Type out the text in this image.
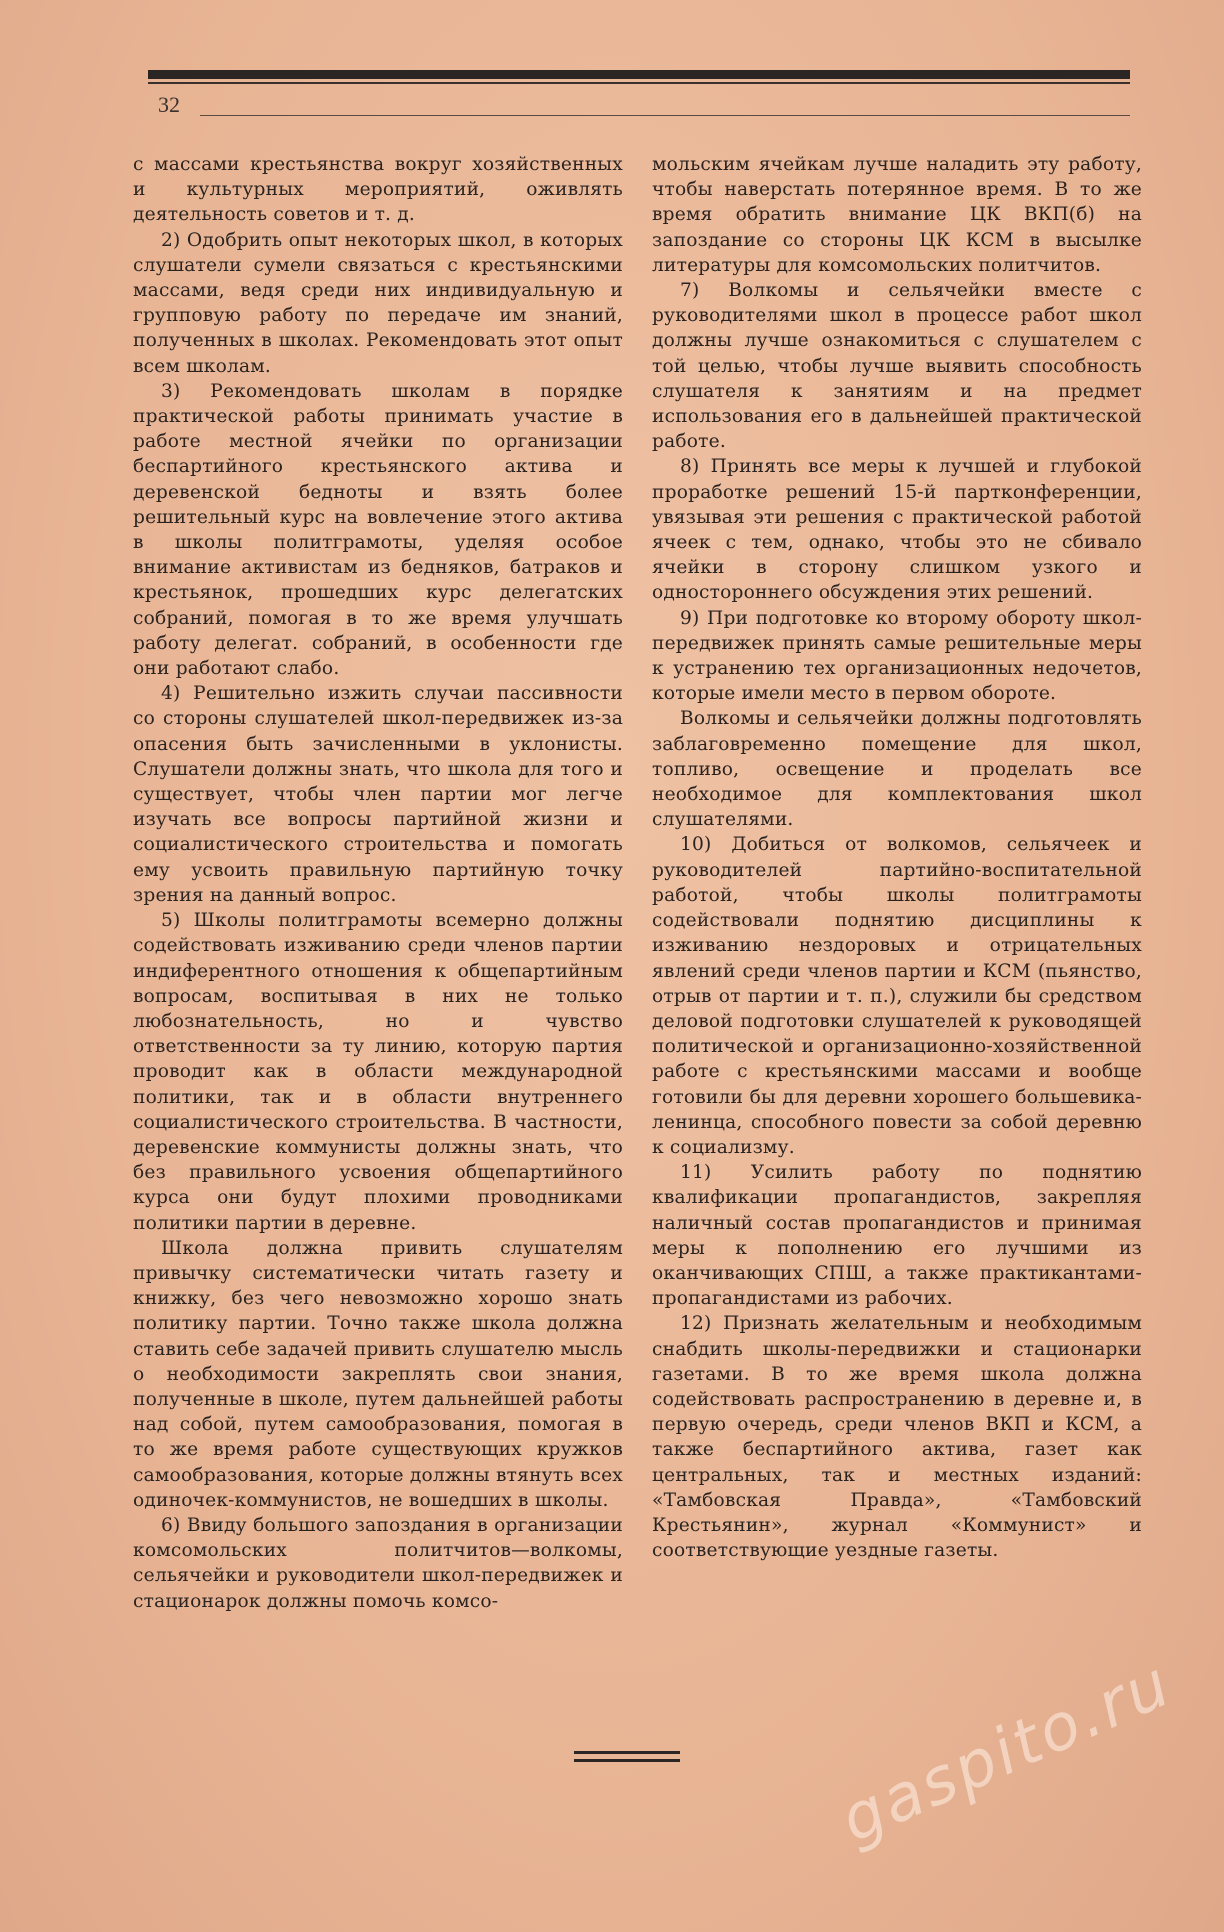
32

с массами крестьянства вокруг хозяйственных и культурных мероприятий, оживлять деятельность советов и т. д.

2) Одобрить опыт некоторых школ, в которых слушатели сумели связаться с крестьянскими массами, ведя среди них индивидуальную и групповую работу по передаче им знаний, полученных в школах. Рекомендовать этот опыт всем школам.

3) Рекомендовать школам в порядке практической работы принимать участие в работе местной ячейки по организации беспартийного крестьянского актива и деревенской бедноты и взять более решительный курс на вовлечение этого актива в школы политграмоты, уделяя особое внимание активистам из бедняков, батраков и крестьянок, прошедших курс делегатских собраний, помогая в то же время улучшать работу делегат. собраний, в особенности где они работают слабо.

4) Решительно изжить случаи пассивности со стороны слушателей школ-передвижек из-за опасения быть зачисленными в уклонисты. Слушатели должны знать, что школа для того и существует, чтобы член партии мог легче изучать все вопросы партийной жизни и социалистического строительства и помогать ему усвоить правильную партийную точку зрения на данный вопрос.

5) Школы политграмоты всемерно должны содействовать изживанию среди членов партии индиферентного отношения к общепартийным вопросам, воспитывая в них не только любознательность, но и чувство ответственности за ту линию, которую партия проводит как в области международной политики, так и в области внутреннего социалистического строительства. В частности, деревенские коммунисты должны знать, что без правильного усвоения общепартийного курса они будут плохими проводниками политики партии в деревне.

Школа должна привить слушателям привычку систематически читать газету и книжку, без чего невозможно хорошо знать политику партии. Точно также школа должна ставить себе задачей привить слушателю мысль о необходимости закреплять свои знания, полученные в школе, путем дальнейшей работы над собой, путем самообразования, помогая в то же время работе существующих кружков самообразования, которые должны втянуть всех одиночек-коммунистов, не вошедших в школы.

6) Ввиду большого запоздания в организации комсомольских политчитов—волкомы, сельячейки и руководители школ-передвижек и стационарок должны помочь комсо-

мольским ячейкам лучше наладить эту работу, чтобы наверстать потерянное время. В то же время обратить внимание ЦК ВКП(б) на запоздание со стороны ЦК КСМ в высылке литературы для комсомольских политчитов.

7) Волкомы и сельячейки вместе с руководителями школ в процессе работ школ должны лучше ознакомиться с слушателем с той целью, чтобы лучше выявить способность слушателя к занятиям и на предмет использования его в дальнейшей практической работе.

8) Принять все меры к лучшей и глубокой проработке решений 15-й партконференции, увязывая эти решения с практической работой ячеек с тем, однако, чтобы это не сбивало ячейки в сторону слишком узкого и одностороннего обсуждения этих решений.

9) При подготовке ко второму обороту школ-передвижек принять самые решительные меры к устранению тех организационных недочетов, которые имели место в первом обороте.

Волкомы и сельячейки должны подготовлять заблаговременно помещение для школ, топливо, освещение и проделать все необходимое для комплектования школ слушателями.

10) Добиться от волкомов, сельячеек и руководителей партийно-воспитательной работой, чтобы школы политграмоты содействовали поднятию дисциплины к изживанию нездоровых и отрицательных явлений среди членов партии и КСМ (пьянство, отрыв от партии и т. п.), служили бы средством деловой подготовки слушателей к руководящей политической и организационно-хозяйственной работе с крестьянскими массами и вообще готовили бы для деревни хорошего большевика-ленинца, способного повести за собой деревню к социализму.

11) Усилить работу по поднятию квалификации пропагандистов, закрепляя наличный состав пропагандистов и принимая меры к пополнению его лучшими из оканчивающих СПШ, а также практикантами-пропагандистами из рабочих.

12) Признать желательным и необходимым снабдить школы-передвижки и стационарки газетами. В то же время школа должна содействовать распространению в деревне и, в первую очередь, среди членов ВКП и КСМ, а также беспартийного актива, газет как центральных, так и местных изданий: «Тамбовская Правда», «Тамбовский Крестьянин», журнал «Коммунист» и соответствующие уездные газеты.

gaspito.ru
